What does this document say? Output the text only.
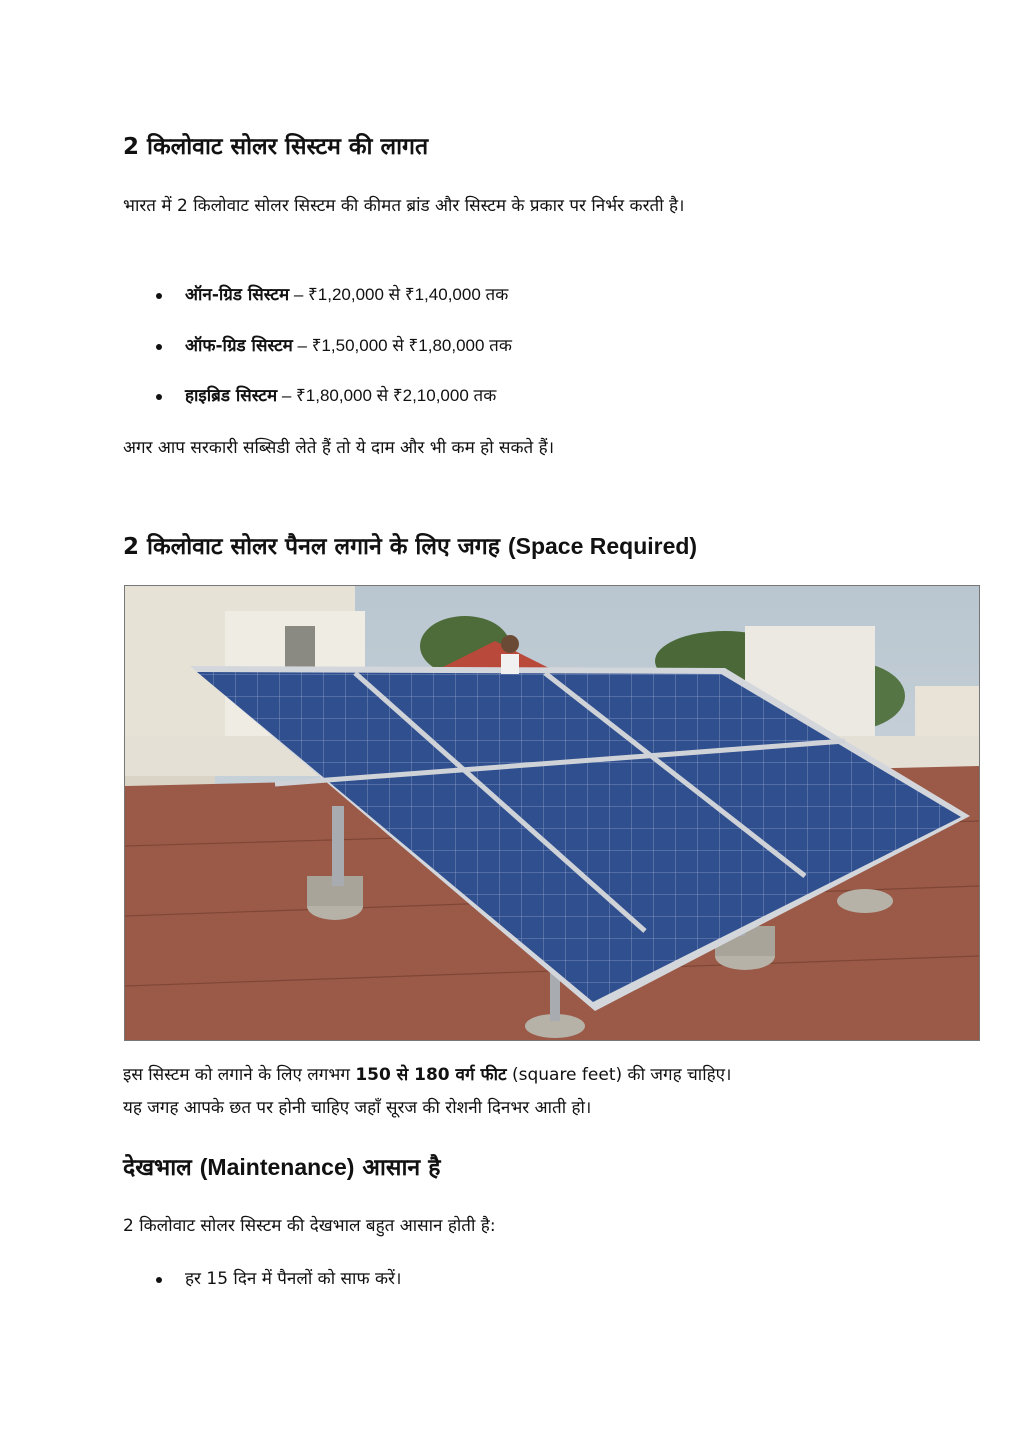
2 किलोवाट सोलर सिस्टम की लागत

भारत में 2 किलोवाट सोलर सिस्टम की कीमत ब्रांड और सिस्टम के प्रकार पर निर्भर करती है।

ऑन-ग्रिड सिस्टम – ₹1,20,000 से ₹1,40,000 तक
ऑफ-ग्रिड सिस्टम – ₹1,50,000 से ₹1,80,000 तक
हाइब्रिड सिस्टम – ₹1,80,000 से ₹2,10,000 तक

अगर आप सरकारी सब्सिडी लेते हैं तो ये दाम और भी कम हो सकते हैं।

2 किलोवाट सोलर पैनल लगाने के लिए जगह (Space Required)

इस सिस्टम को लगाने के लिए लगभग 150 से 180 वर्ग फीट (square feet) की जगह चाहिए।
यह जगह आपके छत पर होनी चाहिए जहाँ सूरज की रोशनी दिनभर आती हो।

देखभाल (Maintenance) आसान है

2 किलोवाट सोलर सिस्टम की देखभाल बहुत आसान होती है:

हर 15 दिन में पैनलों को साफ करें।
